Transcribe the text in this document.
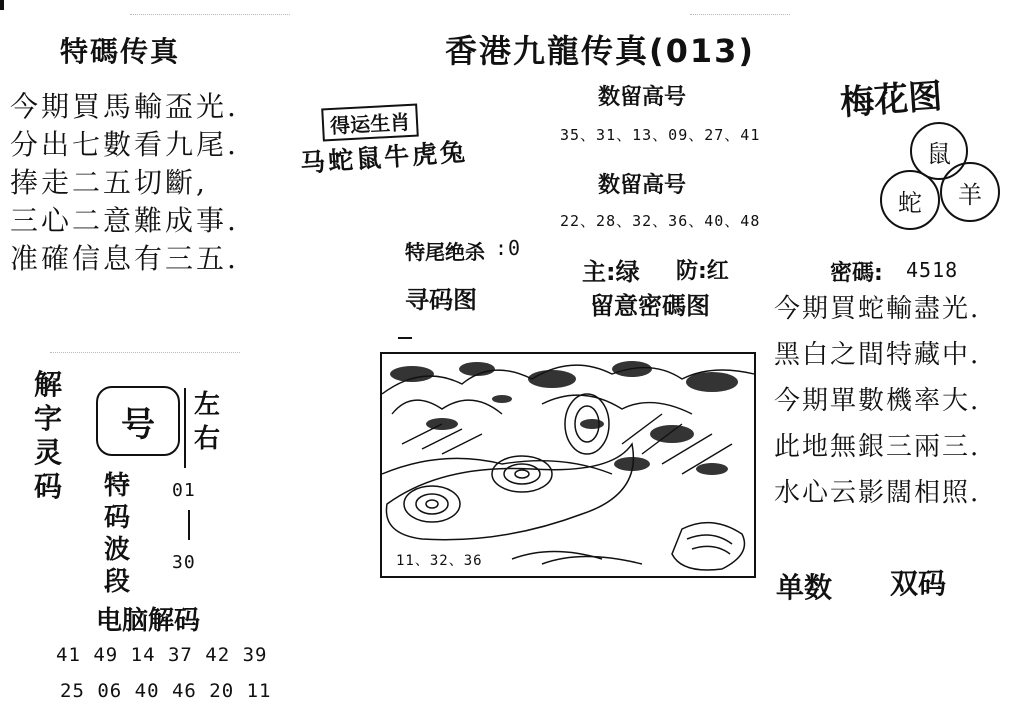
特碼传真
今期買馬輸盃光.
分出七數看九尾.
捧走二五切斷,
三心二意難成事.
准確信息有三五.
香港九龍传真(013)
得运生肖
马蛇鼠牛虎兔
数留高号
35、31、13、09、27、41
数留高号
22、28、32、36、40、48
梅花图
鼠
蛇 羊
特尾绝杀 :0
主:绿 防:红	密碼: 4518
寻码图	留意密碼图
11、32、36
今期買蛇輸盡光.
黑白之間特藏中.
今期單數機率大.
此地無銀三兩三.
水心云影闊相照.
单数 双码
解
字
灵
码
号 左
右
特
码
波
段
01
30
电脑解码
41 49 14 37 42 39
25 06 40 46 20 11
